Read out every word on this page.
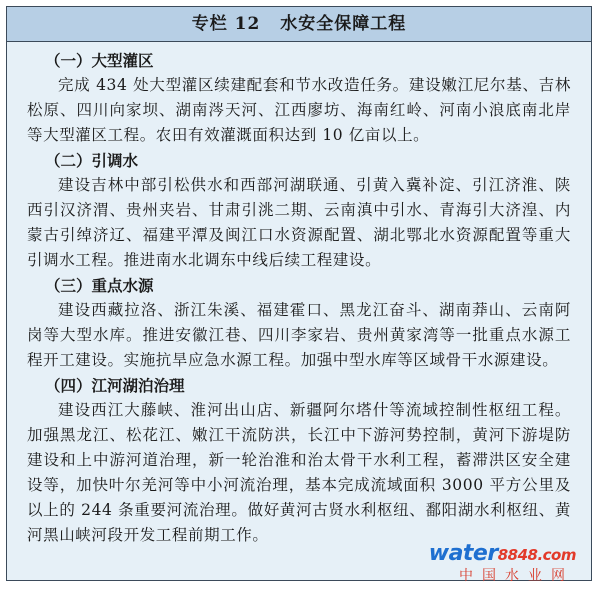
专栏 12 水安全保障工程
（一）大型灌区

完成 434 处大型灌区续建配套和节水改造任务。建设嫩江尼尔基、吉林松原、四川向家坝、湖南涔天河、江西廖坊、海南红岭、河南小浪底南北岸等大型灌区工程。农田有效灌溉面积达到 10 亿亩以上。

（二）引调水

建设吉林中部引松供水和西部河湖联通、引黄入冀补淀、引江济淮、陕西引汉济渭、贵州夹岩、甘肃引洮二期、云南滇中引水、青海引大济湟、内蒙古引绰济辽、福建平潭及闽江口水资源配置、湖北鄂北水资源配置等重大引调水工程。推进南水北调东中线后续工程建设。

（三）重点水源

建设西藏拉洛、浙江朱溪、福建霍口、黑龙江奋斗、湖南莽山、云南阿岗等大型水库。推进安徽江巷、四川李家岩、贵州黄家湾等一批重点水源工程开工建设。实施抗旱应急水源工程。加强中型水库等区域骨干水源建设。

（四）江河湖泊治理

建设西江大藤峡、淮河出山店、新疆阿尔塔什等流域控制性枢纽工程。加强黑龙江、松花江、嫩江干流防洪，长江中下游河势控制，黄河下游堤防建设和上中游河道治理，新一轮治淮和治太骨干水利工程，蓄滞洪区安全建设等，加快叶尔羌河等中小河流治理，基本完成流域面积 3000 平方公里及以上的 244 条重要河流治理。做好黄河古贤水利枢纽、鄱阳湖水利枢纽、黄河黑山峡河段开发工程前期工作。

water8848.com
中国水业网
